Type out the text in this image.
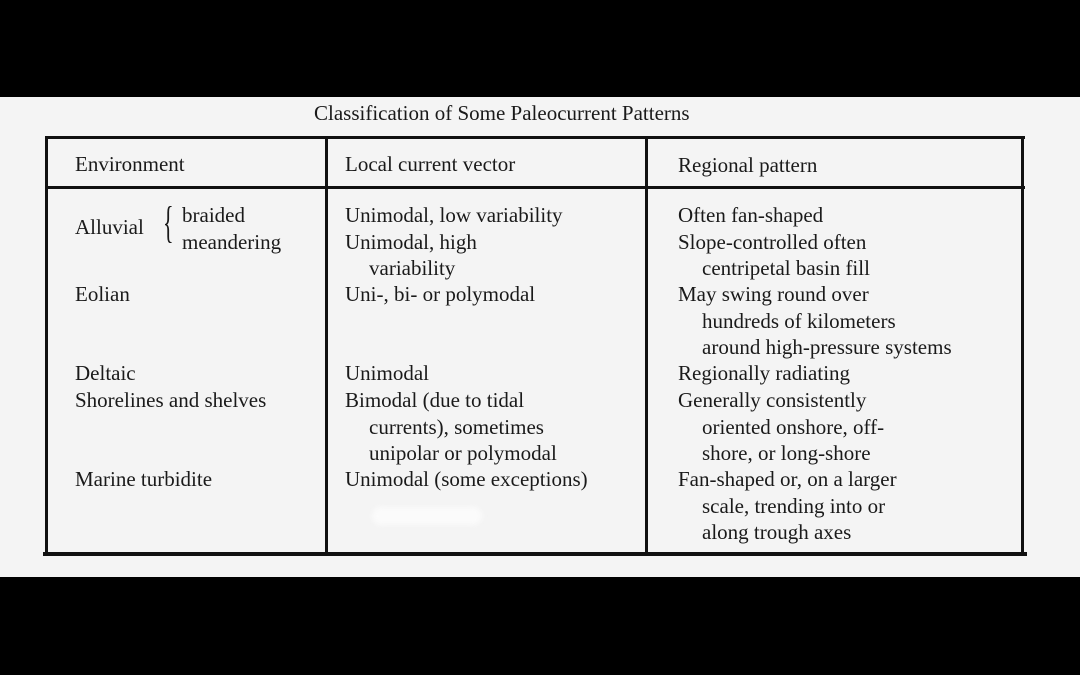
Classification of Some Paleocurrent Patterns
Environment	Local current vector	Regional pattern
Alluvial { braided
meandering
Eolian
Deltaic
Shorelines and shelves
Marine turbidite
Unimodal, low variability
Unimodal, high
variability
Uni-, bi- or polymodal
Unimodal
Bimodal (due to tidal
currents), sometimes
unipolar or polymodal
Unimodal (some exceptions)
Often fan-shaped
Slope-controlled often
centripetal basin fill
May swing round over
hundreds of kilometers
around high-pressure systems
Regionally radiating
Generally consistently
oriented onshore, off-
shore, or long-shore
Fan-shaped or, on a larger
scale, trending into or
along trough axes
